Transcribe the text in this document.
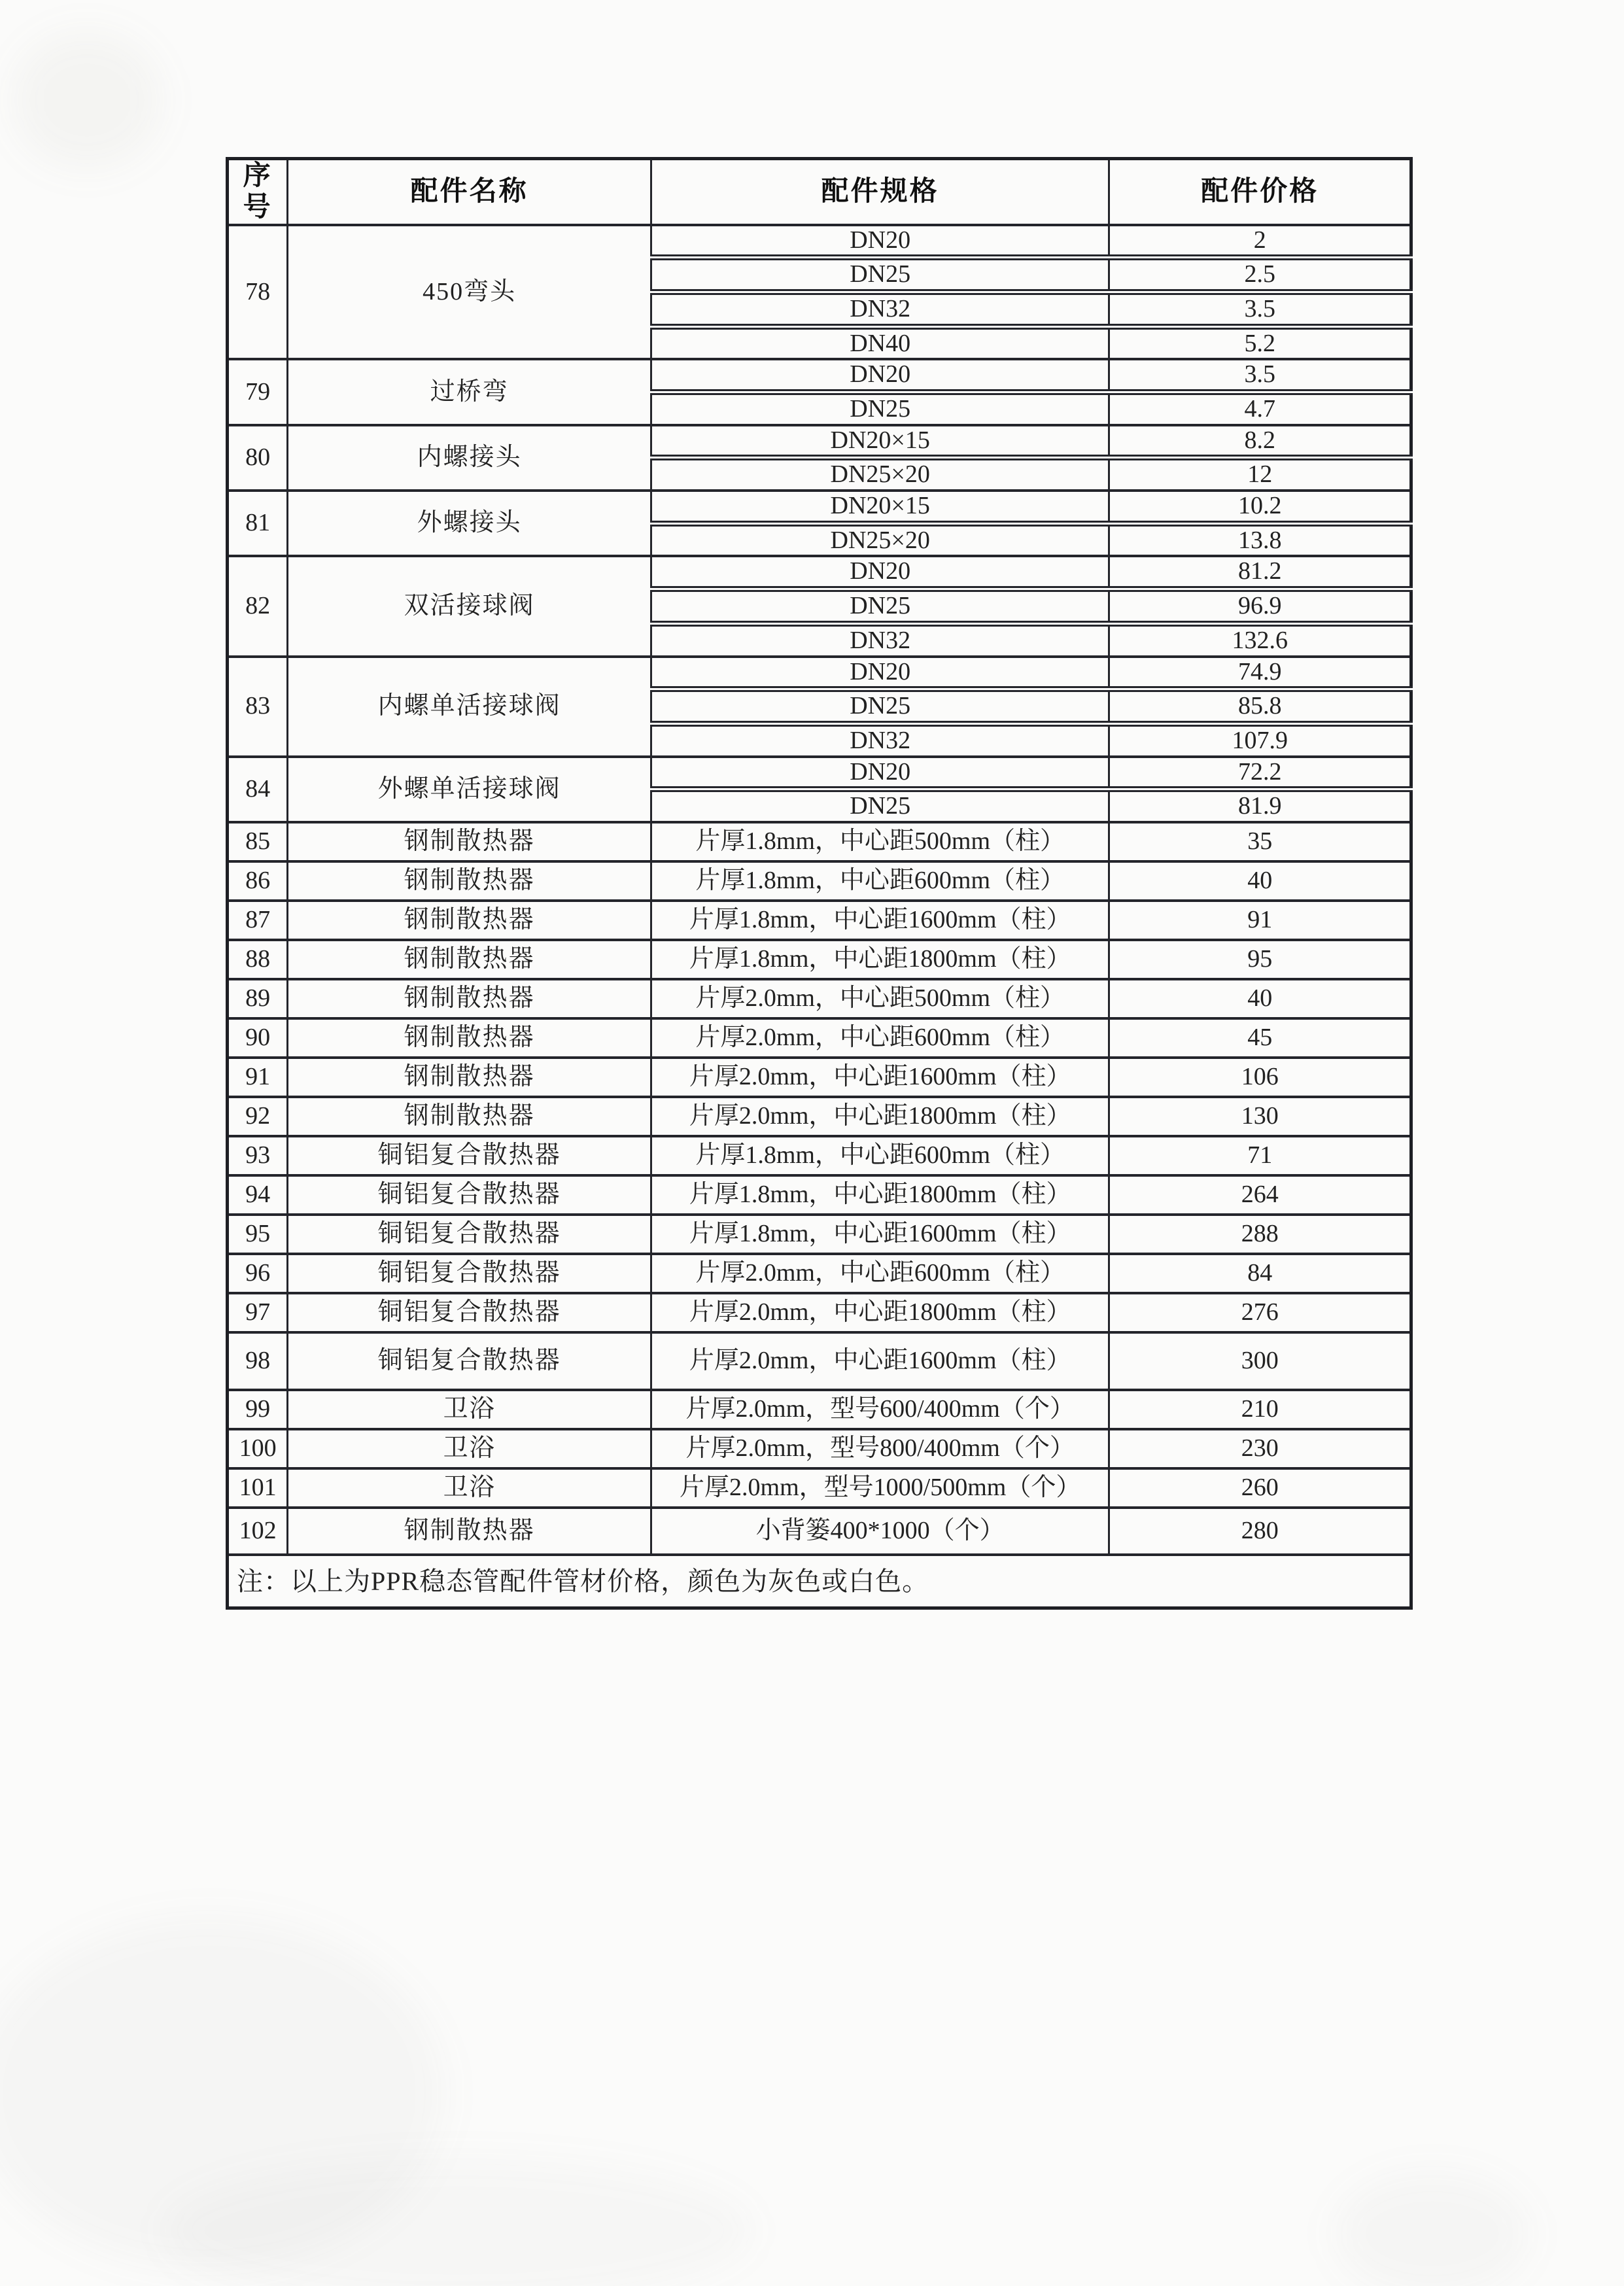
序号	配件名称	配件规格	配件价格
78	450弯头	DN20	2
		DN25	2.5
		DN32	3.5
		DN40	5.2
79	过桥弯	DN20	3.5
		DN25	4.7
80	内螺接头	DN20×15	8.2
		DN25×20	12
81	外螺接头	DN20×15	10.2
		DN25×20	13.8
82	双活接球阀	DN20	81.2
		DN25	96.9
		DN32	132.6
83	内螺单活接球阀	DN20	74.9
		DN25	85.8
		DN32	107.9
84	外螺单活接球阀	DN20	72.2
		DN25	81.9
85	钢制散热器	片厚1.8mm，中心距500mm（柱）	35
86	钢制散热器	片厚1.8mm，中心距600mm（柱）	40
87	钢制散热器	片厚1.8mm，中心距1600mm（柱）	91
88	钢制散热器	片厚1.8mm，中心距1800mm（柱）	95
89	钢制散热器	片厚2.0mm，中心距500mm（柱）	40
90	钢制散热器	片厚2.0mm，中心距600mm（柱）	45
91	钢制散热器	片厚2.0mm，中心距1600mm（柱）	106
92	钢制散热器	片厚2.0mm，中心距1800mm（柱）	130
93	铜铝复合散热器	片厚1.8mm，中心距600mm（柱）	71
94	铜铝复合散热器	片厚1.8mm，中心距1800mm（柱）	264
95	铜铝复合散热器	片厚1.8mm，中心距1600mm（柱）	288
96	铜铝复合散热器	片厚2.0mm，中心距600mm（柱）	84
97	铜铝复合散热器	片厚2.0mm，中心距1800mm（柱）	276
98	铜铝复合散热器	片厚2.0mm，中心距1600mm（柱）	300
99	卫浴	片厚2.0mm，型号600/400mm（个）	210
100	卫浴	片厚2.0mm，型号800/400mm（个）	230
101	卫浴	片厚2.0mm，型号1000/500mm（个）	260
102	钢制散热器	小背篓400*1000（个）	280
注：以上为PPR稳态管配件管材价格，颜色为灰色或白色。			
